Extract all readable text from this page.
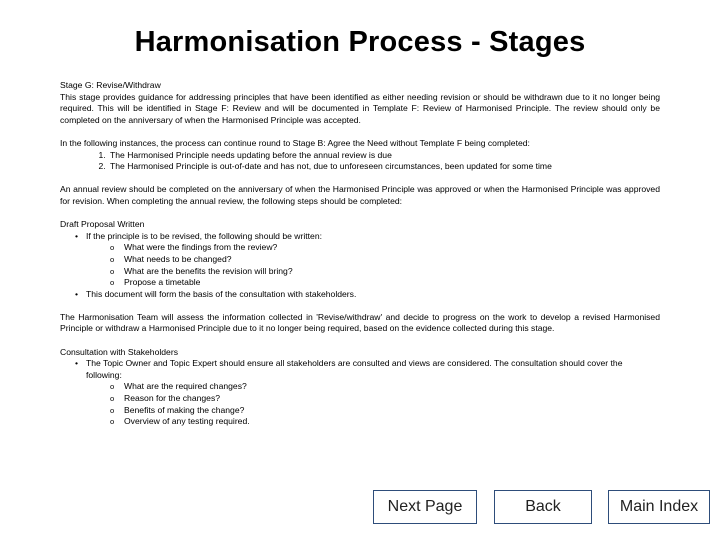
Harmonisation Process - Stages

Stage G: Revise/Withdraw

This stage provides guidance for addressing principles that have been identified as either needing revision or should be withdrawn due to it no longer being required. This will be identified in Stage F: Review and will be documented in Template F: Review of Harmonised Principle. The review should only be completed on the anniversary of when the Harmonised Principle was accepted.

In the following instances, the process can continue round to Stage B: Agree the Need without Template F being completed:

1. The Harmonised Principle needs updating before the annual review is due
2. The Harmonised Principle is out-of-date and has not, due to unforeseen circumstances, been updated for some time

An annual review should be completed on the anniversary of when the Harmonised Principle was approved or when the Harmonised Principle was approved for revision. When completing the annual review, the following steps should be completed:

Draft Proposal Written

• If the principle is to be revised, the following should be written:
o What were the findings from the review?
o What needs to be changed?
o What are the benefits the revision will bring?
o Propose a timetable
• This document will form the basis of the consultation with stakeholders.

The Harmonisation Team will assess the information collected in 'Revise/withdraw' and decide to progress on the work to develop a revised Harmonised Principle or withdraw a Harmonised Principle due to it no longer being required, based on the evidence collected during this stage.

Consultation with Stakeholders

• The Topic Owner and Topic Expert should ensure all stakeholders are consulted and views are considered. The consultation should cover the following:
o What are the required changes?
o Reason for the changes?
o Benefits of making the change?
o Overview of any testing required.
Next Page	Back	Main Index
